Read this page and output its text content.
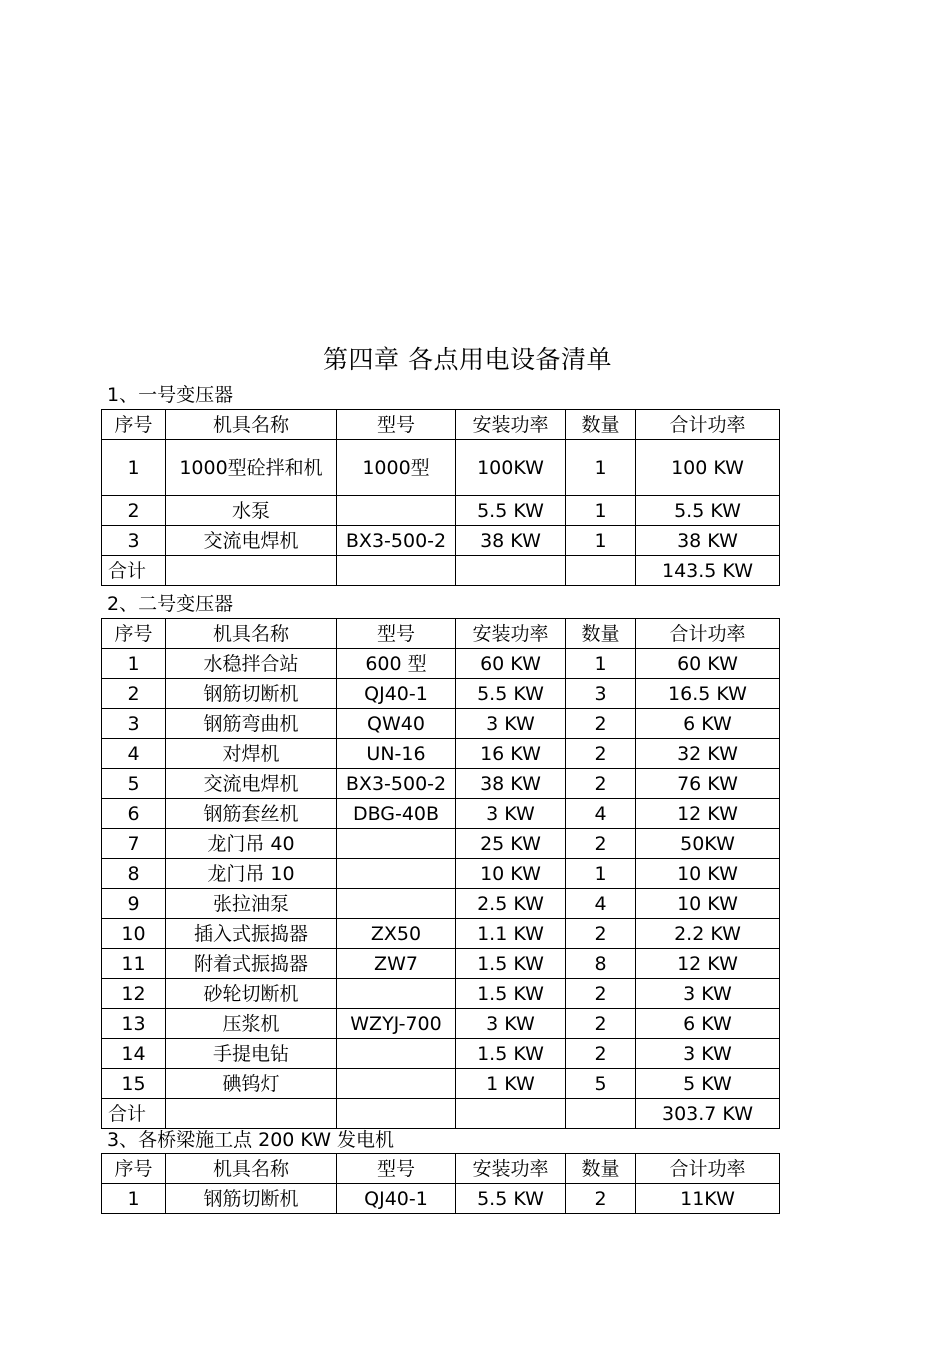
第四章 各点用电设备清单
1、一号变压器
序号	机具名称	型号	安装功率	数量	合计功率
1	1000型砼拌和机	1000型	100KW	1	100 KW
2	水泵		5.5 KW	1	5.5 KW
3	交流电焊机	BX3-500-2	38 KW	1	38 KW
合计					143.5 KW
2、二号变压器
序号	机具名称	型号	安装功率	数量	合计功率
1	水稳拌合站	600 型	60 KW	1	60 KW
2	钢筋切断机	QJ40-1	5.5 KW	3	16.5 KW
3	钢筋弯曲机	QW40	3 KW	2	6 KW
4	对焊机	UN-16	16 KW	2	32 KW
5	交流电焊机	BX3-500-2	38 KW	2	76 KW
6	钢筋套丝机	DBG-40B	3 KW	4	12 KW
7	龙门吊 40		25 KW	2	50KW
8	龙门吊 10		10 KW	1	10 KW
9	张拉油泵		2.5 KW	4	10 KW
10	插入式振捣器	ZX50	1.1 KW	2	2.2 KW
11	附着式振捣器	ZW7	1.5 KW	8	12 KW
12	砂轮切断机		1.5 KW	2	3 KW
13	压浆机	WZYJ-700	3 KW	2	6 KW
14	手提电钻		1.5 KW	2	3 KW
15	碘钨灯		1 KW	5	5 KW
合计					303.7 KW
3、各桥梁施工点 200 KW 发电机
序号	机具名称	型号	安装功率	数量	合计功率
1	钢筋切断机	QJ40-1	5.5 KW	2	11KW
